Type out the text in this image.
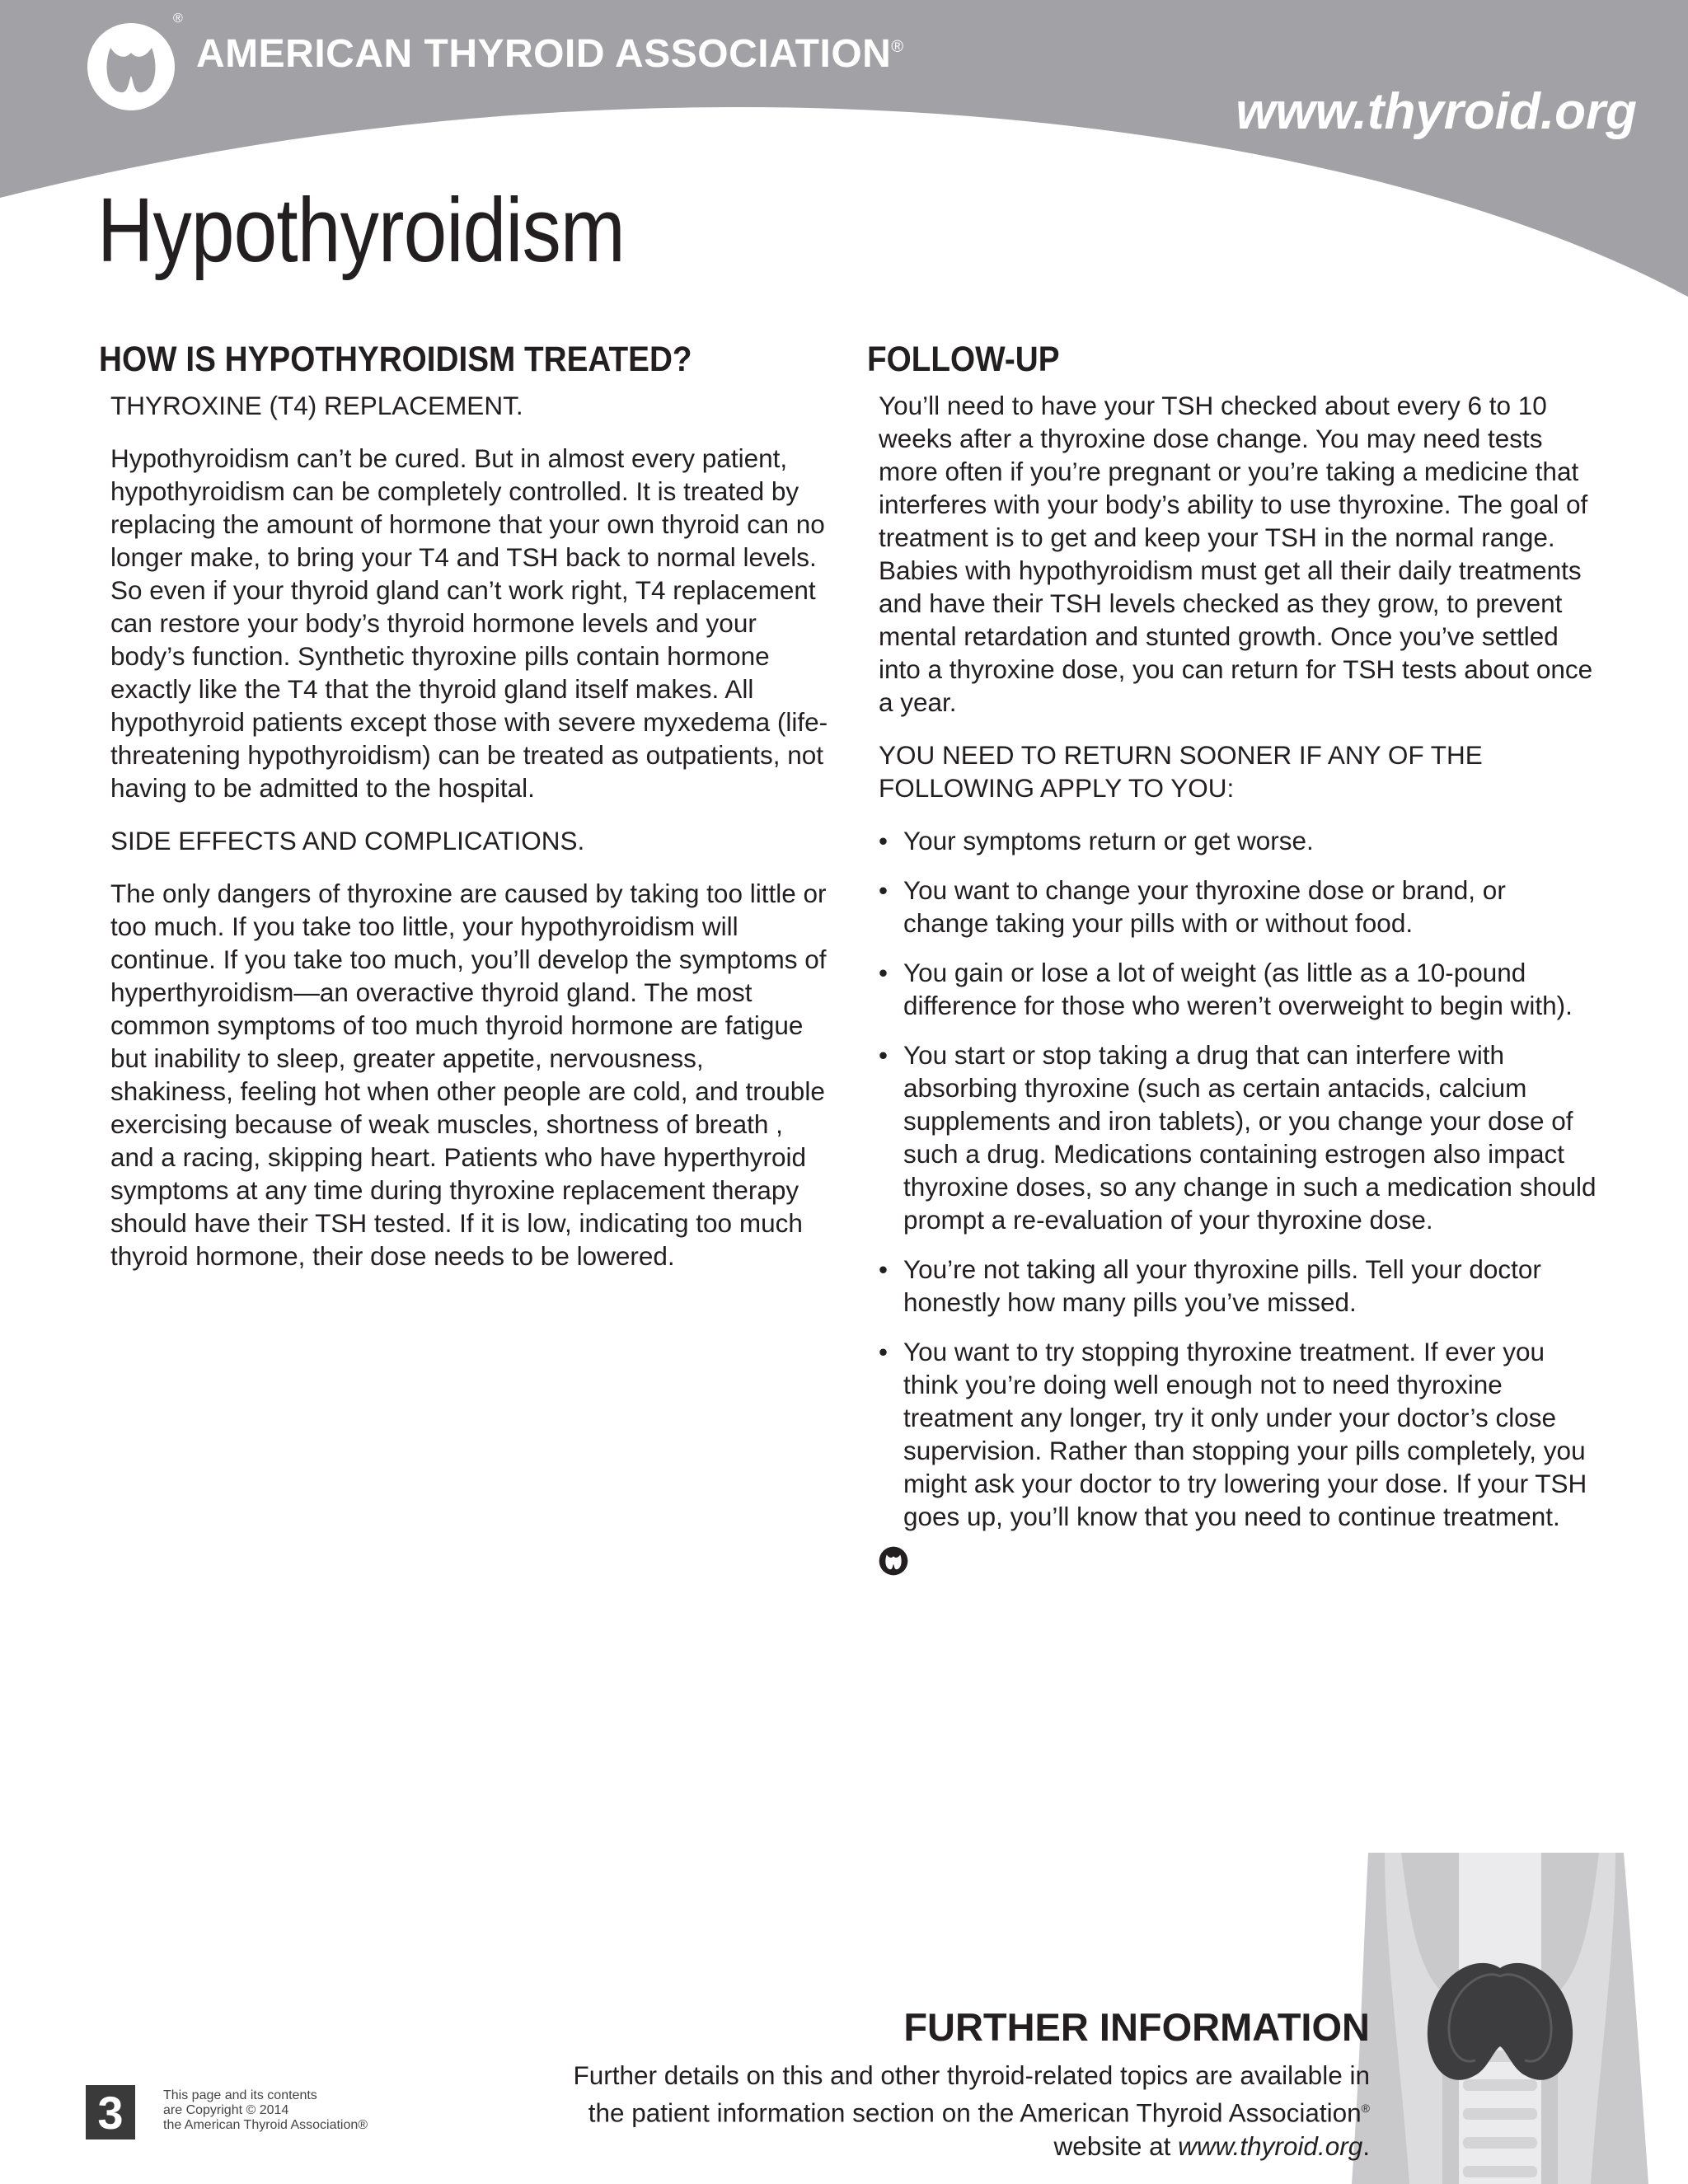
®
AMERICAN THYROID ASSOCIATION®
www.thyroid.org
Hypothyroidism
HOW IS HYPOTHYROIDISM TREATED?

THYROXINE (T4) REPLACEMENT.

Hypothyroidism can’t be cured. But in almost every patient, hypothyroidism can be completely controlled. It is treated by replacing the amount of hormone that your own thyroid can no longer make, to bring your T4 and TSH back to normal levels. So even if your thyroid gland can’t work right, T4 replacement can restore your body’s thyroid hormone levels and your body’s function. Synthetic thyroxine pills contain hormone exactly like the T4 that the thyroid gland itself makes. All hypothyroid patients except those with severe myxedema (life-threatening hypothyroidism) can be treated as outpatients, not having to be admitted to the hospital.

SIDE EFFECTS AND COMPLICATIONS.

The only dangers of thyroxine are caused by taking too little or too much. If you take too little, your hypothyroidism will continue. If you take too much, you’ll develop the symptoms of hyperthyroidism—an overactive thyroid gland. The most common symptoms of too much thyroid hormone are fatigue but inability to sleep, greater appetite, nervousness, shakiness, feeling hot when other people are cold, and trouble exercising because of weak muscles, shortness of breath , and a racing, skipping heart. Patients who have hyperthyroid symptoms at any time during thyroxine replacement therapy should have their TSH tested. If it is low, indicating too much thyroid hormone, their dose needs to be lowered.

FOLLOW-UP

You’ll need to have your TSH checked about every 6 to 10 weeks after a thyroxine dose change. You may need tests more often if you’re pregnant or you’re taking a medicine that interferes with your body’s ability to use thyroxine. The goal of treatment is to get and keep your TSH in the normal range. Babies with hypothyroidism must get all their daily treatments and have their TSH levels checked as they grow, to prevent mental retardation and stunted growth. Once you’ve settled into a thyroxine dose, you can return for TSH tests about once a year.

YOU NEED TO RETURN SOONER IF ANY OF THE FOLLOWING APPLY TO YOU:

• Your symptoms return or get worse.
• You want to change your thyroxine dose or brand, or change taking your pills with or without food.
• You gain or lose a lot of weight (as little as a 10-pound difference for those who weren’t overweight to begin with).
• You start or stop taking a drug that can interfere with absorbing thyroxine (such as certain antacids, calcium supplements and iron tablets), or you change your dose of such a drug. Medications containing estrogen also impact thyroxine doses, so any change in such a medication should prompt a re-evaluation of your thyroxine dose.
• You’re not taking all your thyroxine pills. Tell your doctor honestly how many pills you’ve missed.
• You want to try stopping thyroxine treatment. If ever you think you’re doing well enough not to need thyroxine treatment any longer, try it only under your doctor’s close supervision. Rather than stopping your pills completely, you might ask your doctor to try lowering your dose. If your TSH goes up, you’ll know that you need to continue treatment.
FURTHER INFORMATION
Further details on this and other thyroid-related topics are available in the patient information section on the American Thyroid Association® website at www.thyroid.org.
3	This page and its contents
are Copyright © 2014
the American Thyroid Association®
